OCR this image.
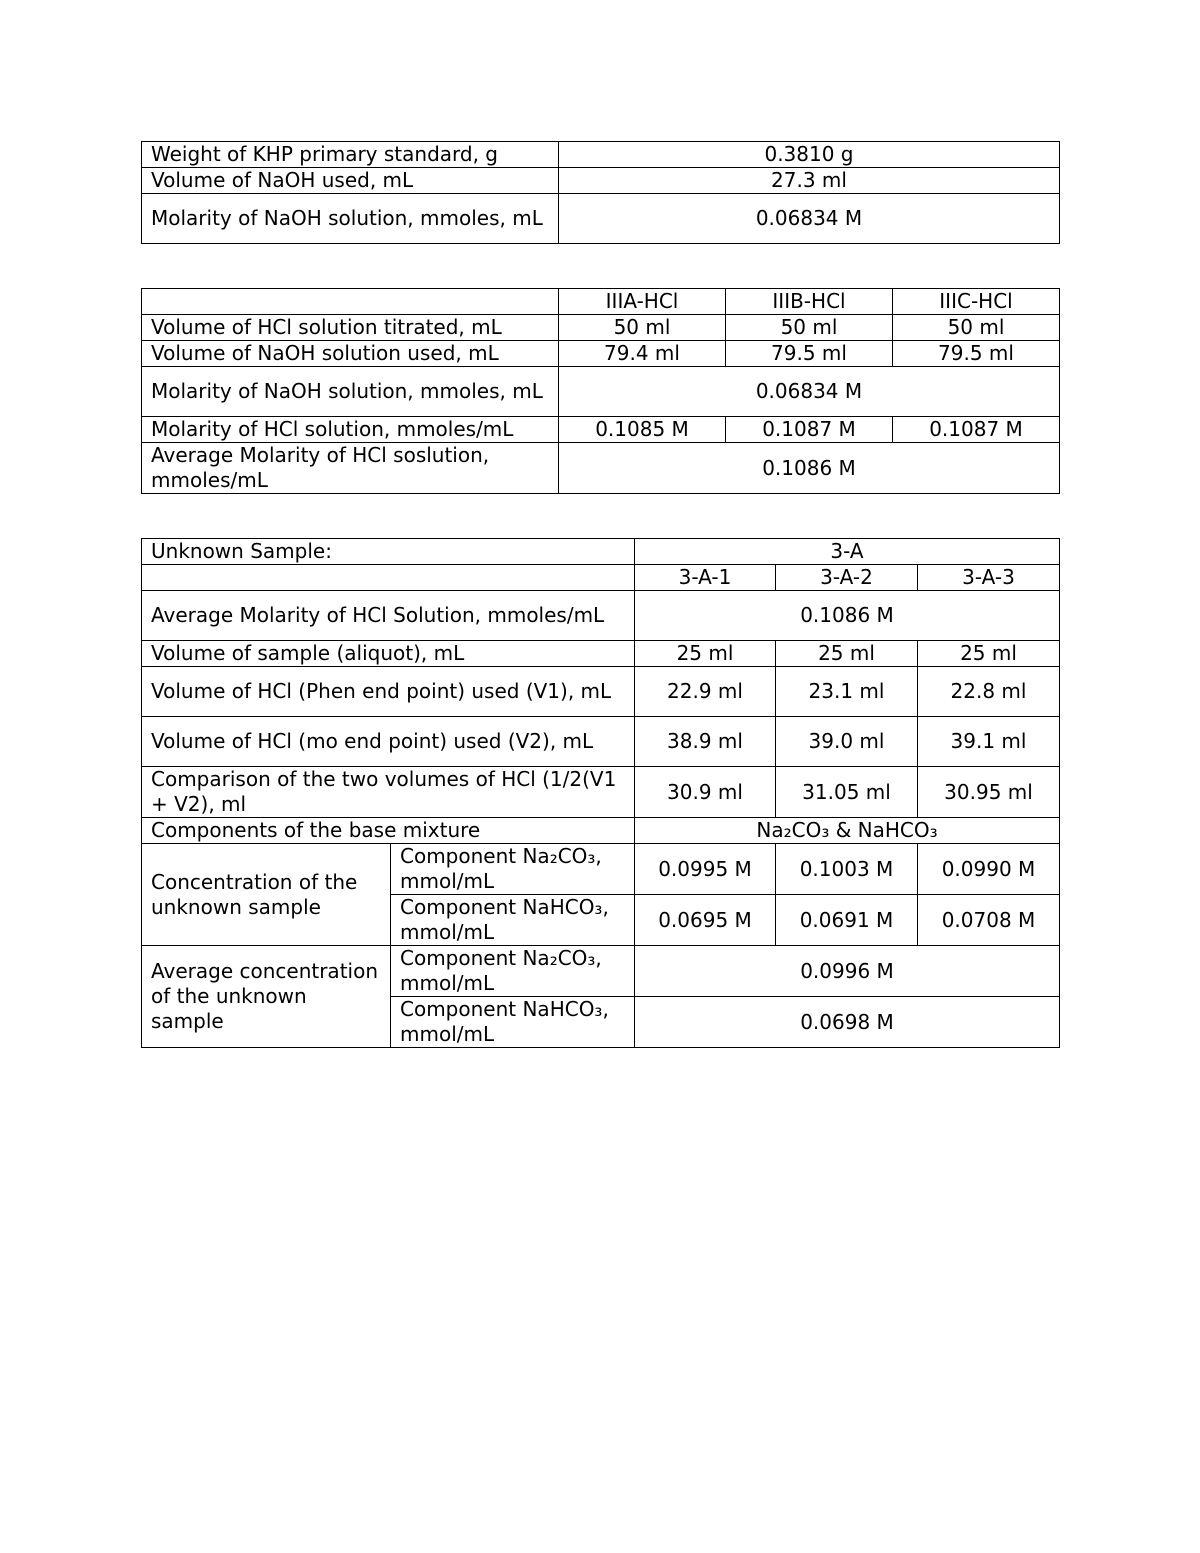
Weight of KHP primary standard, g	0.3810 g
Volume of NaOH used, mL	27.3 ml
Molarity of NaOH solution, mmoles, mL	0.06834 M
	IIIA-HCl	IIIB-HCl	IIIC-HCl
Volume of HCl solution titrated, mL	50 ml	50 ml	50 ml
Volume of NaOH solution used, mL	79.4 ml	79.5 ml	79.5 ml
Molarity of NaOH solution, mmoles, mL	0.06834 M		
Molarity of HCl solution, mmoles/mL	0.1085 M	0.1087 M	0.1087 M
Average Molarity of HCl soslution, mmoles/mL	0.1086 M		
Unknown Sample:		3-A		
		3-A-1	3-A-2	3-A-3
Average Molarity of HCl Solution, mmoles/mL		0.1086 M		
Volume of sample (aliquot), mL		25 ml	25 ml	25 ml
Volume of HCl (Phen end point) used (V1), mL		22.9 ml	23.1 ml	22.8 ml
Volume of HCl (mo end point) used (V2), mL		38.9 ml	39.0 ml	39.1 ml
Comparison of the two volumes of HCl (1/2(V1 + V2), ml		30.9 ml	31.05 ml	30.95 ml
Components of the base mixture		Na₂CO₃ & NaHCO₃		
Concentration of the unknown sample	Component Na₂CO₃, mmol/mL	0.0995 M	0.1003 M	0.0990 M
	Component NaHCO₃, mmol/mL	0.0695 M	0.0691 M	0.0708 M
Average concentration of the unknown sample	Component Na₂CO₃, mmol/mL	0.0996 M		
	Component NaHCO₃, mmol/mL	0.0698 M		
